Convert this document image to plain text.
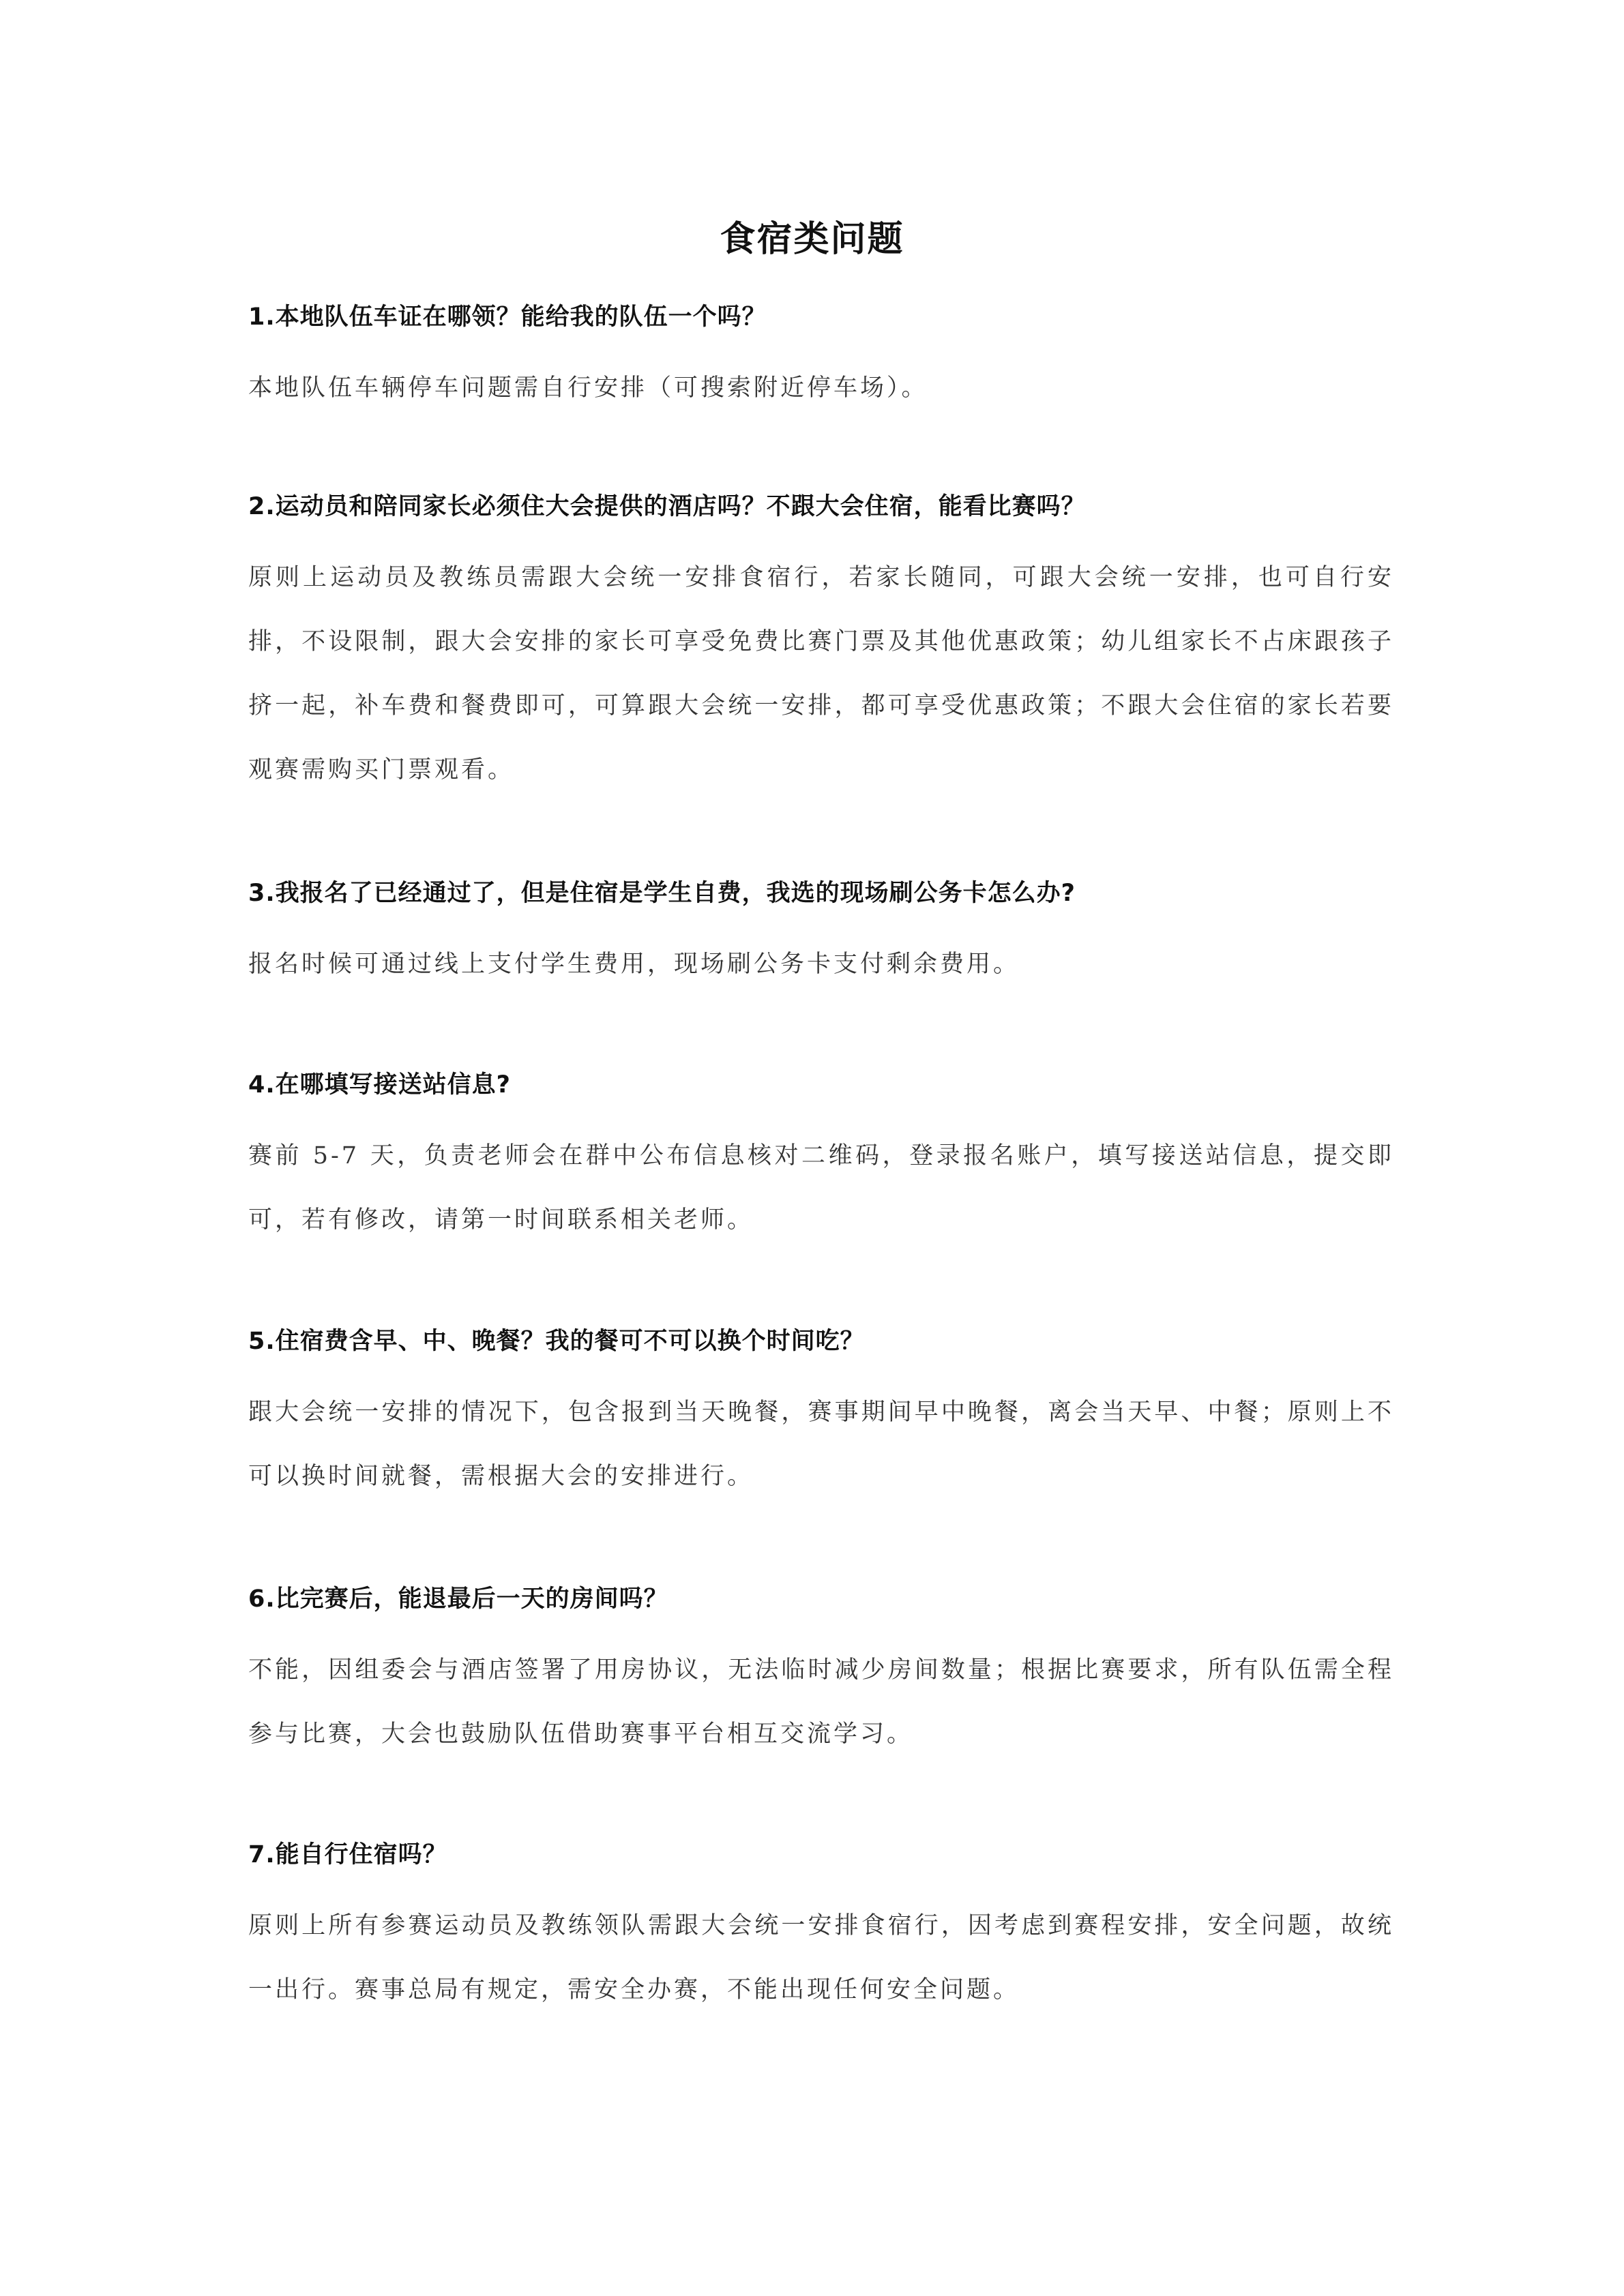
食宿类问题

1.本地队伍车证在哪领？能给我的队伍一个吗？

本地队伍车辆停车问题需自行安排（可搜索附近停车场）。

2.运动员和陪同家长必须住大会提供的酒店吗？不跟大会住宿，能看比赛吗？

原则上运动员及教练员需跟大会统一安排食宿行，若家长随同，可跟大会统一安排，也可自行安排，不设限制，跟大会安排的家长可享受免费比赛门票及其他优惠政策；幼儿组家长不占床跟孩子挤一起，补车费和餐费即可，可算跟大会统一安排，都可享受优惠政策；不跟大会住宿的家长若要观赛需购买门票观看。

3.我报名了已经通过了，但是住宿是学生自费，我选的现场刷公务卡怎么办?

报名时候可通过线上支付学生费用，现场刷公务卡支付剩余费用。

4.在哪填写接送站信息?

赛前 5-7 天，负责老师会在群中公布信息核对二维码，登录报名账户，填写接送站信息，提交即可，若有修改，请第一时间联系相关老师。

5.住宿费含早、中、晚餐？我的餐可不可以换个时间吃？

跟大会统一安排的情况下，包含报到当天晚餐，赛事期间早中晚餐，离会当天早、中餐；原则上不可以换时间就餐，需根据大会的安排进行。

6.比完赛后，能退最后一天的房间吗？

不能，因组委会与酒店签署了用房协议，无法临时减少房间数量；根据比赛要求，所有队伍需全程参与比赛，大会也鼓励队伍借助赛事平台相互交流学习。

7.能自行住宿吗？

原则上所有参赛运动员及教练领队需跟大会统一安排食宿行，因考虑到赛程安排，安全问题，故统一出行。赛事总局有规定，需安全办赛，不能出现任何安全问题。
